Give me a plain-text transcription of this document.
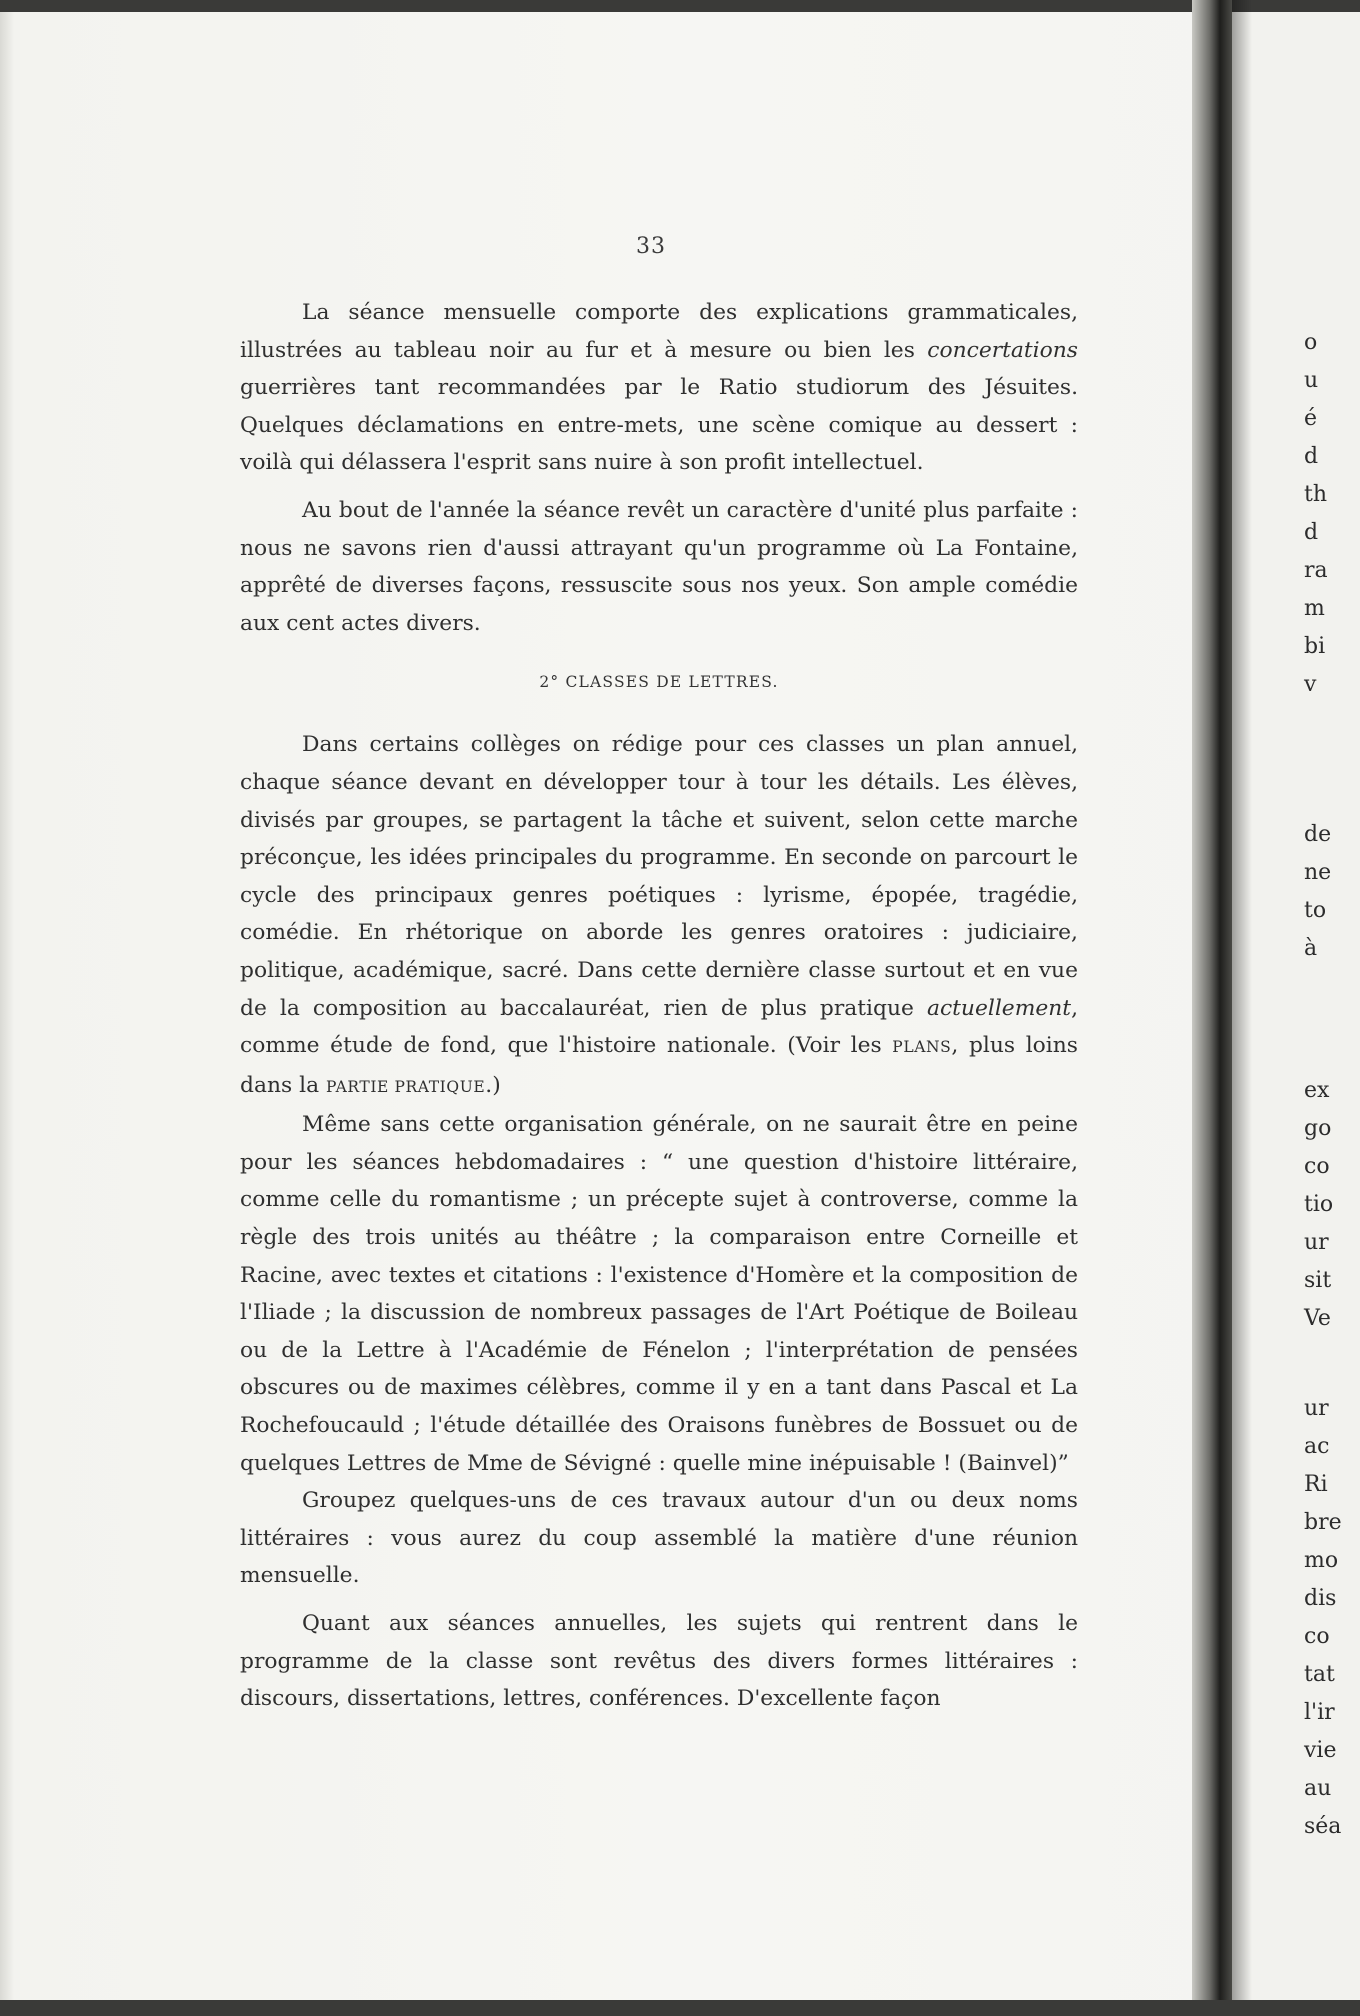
33

La séance mensuelle comporte des explications grammaticales, illustrées au tableau noir au fur et à mesure ou bien les concertations guerrières tant recommandées par le Ratio studiorum des Jésuites. Quelques déclamations en entre-mets, une scène comique au dessert : voilà qui délassera l'esprit sans nuire à son profit intellectuel.

Au bout de l'année la séance revêt un caractère d'unité plus parfaite : nous ne savons rien d'aussi attrayant qu'un programme où La Fontaine, apprêté de diverses façons, ressuscite sous nos yeux. Son ample comédie aux cent actes divers.

2° CLASSES DE LETTRES.

Dans certains collèges on rédige pour ces classes un plan annuel, chaque séance devant en développer tour à tour les détails. Les élèves, divisés par groupes, se partagent la tâche et suivent, selon cette marche préconçue, les idées principales du programme. En seconde on parcourt le cycle des principaux genres poétiques : lyrisme, épopée, tragédie, comédie. En rhétorique on aborde les genres oratoires : judiciaire, politique, académique, sacré. Dans cette dernière classe surtout et en vue de la composition au baccalauréat, rien de plus pratique actuellement, comme étude de fond, que l'histoire nationale. (Voir les PLANS, plus loins dans la PARTIE PRATIQUE.)

Même sans cette organisation générale, on ne saurait être en peine pour les séances hebdomadaires : “ une question d'histoire littéraire, comme celle du romantisme ; un précepte sujet à controverse, comme la règle des trois unités au théâtre ; la comparaison entre Corneille et Racine, avec textes et citations : l'existence d'Homère et la composition de l'Iliade ; la discussion de nombreux passages de l'Art Poétique de Boileau ou de la Lettre à l'Académie de Fénelon ; l'interprétation de pensées obscures ou de maximes célèbres, comme il y en a tant dans Pascal et La Rochefoucauld ; l'étude détaillée des Oraisons funèbres de Bossuet ou de quelques Lettres de Mme de Sévigné : quelle mine inépuisable ! (Bainvel)”

Groupez quelques-uns de ces travaux autour d'un ou deux noms littéraires : vous aurez du coup assemblé la matière d'une réunion mensuelle.

Quant aux séances annuelles, les sujets qui rentrent dans le programme de la classe sont revêtus des divers formes littéraires : discours, dissertations, lettres, conférences. D'excellente façon

o
u
é
d
th
d
ra
m
bi
v
de
ne
to
à
ex
go
co
tio
ur
sit
Ve
ur
ac
Ri
bre
mo
dis
co
tat
l'ir
vie
au
séa
